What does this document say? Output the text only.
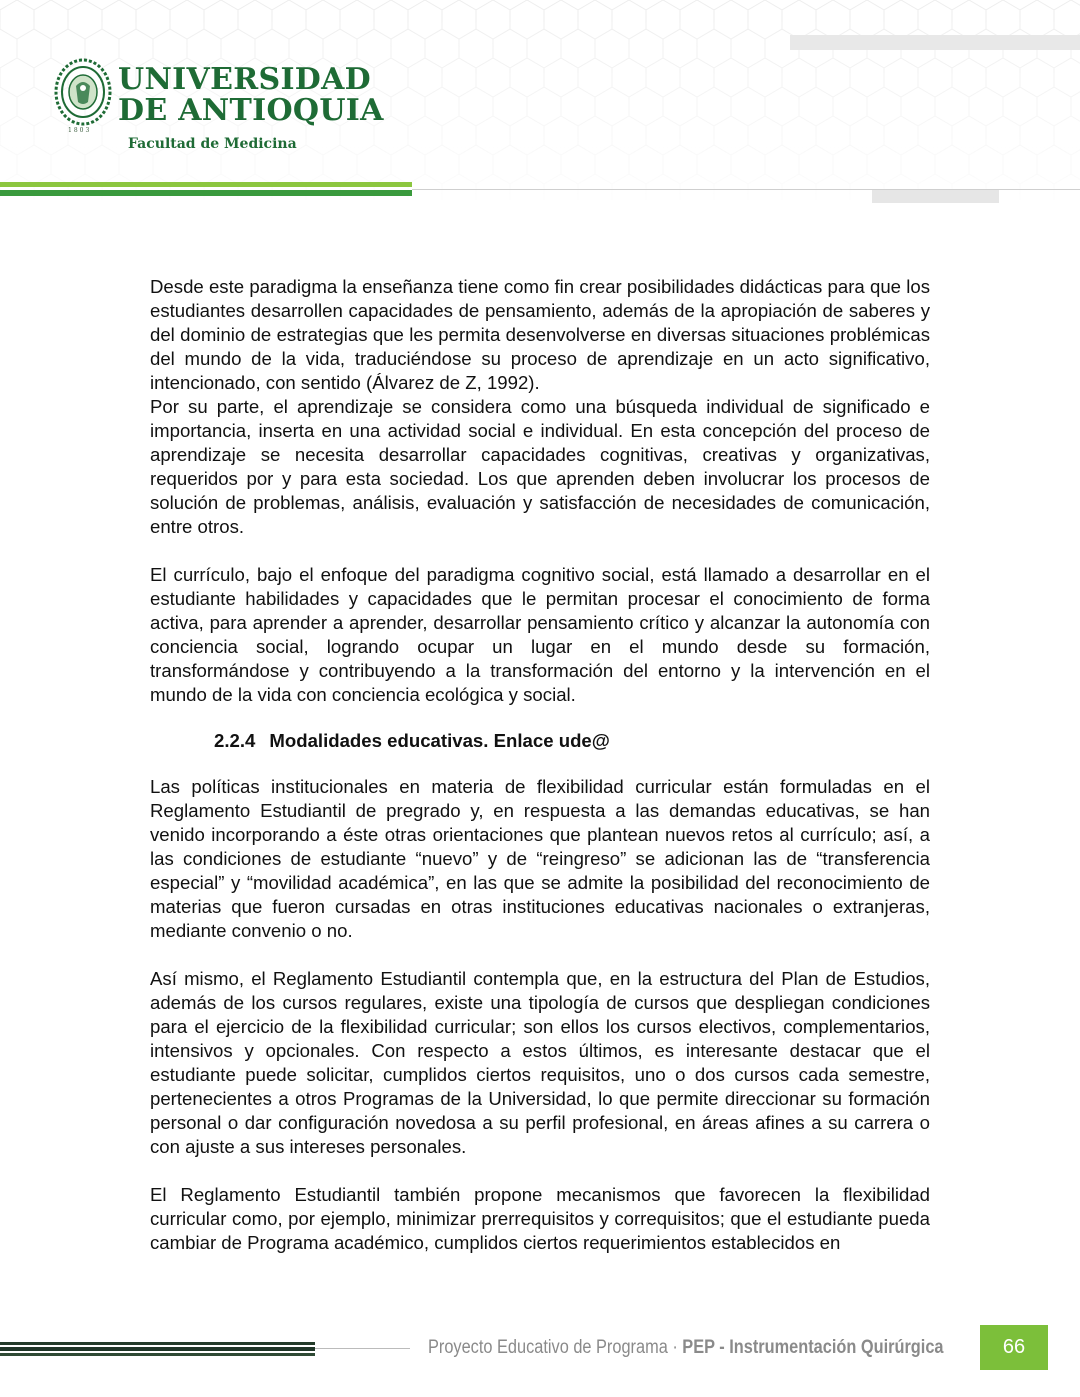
1803
UNIVERSIDAD
DE ANTIOQUIA
Facultad de Medicina

Desde este paradigma la enseñanza tiene como fin crear posibilidades didácticas para que los estudiantes desarrollen capacidades de pensamiento, además de la apropiación de saberes y del dominio de estrategias que les permita desenvolverse en diversas situaciones problémicas del mundo de la vida, traduciéndose su proceso de aprendizaje en un acto significativo, intencionado, con sentido (Álvarez de Z, 1992).

Por su parte, el aprendizaje se considera como una búsqueda individual de significado e importancia, inserta en una actividad social e individual. En esta concepción del proceso de aprendizaje se necesita desarrollar capacidades cognitivas, creativas y organizativas, requeridos por y para esta sociedad. Los que aprenden deben involucrar los procesos de solución de problemas, análisis, evaluación y satisfacción de necesidades de comunicación, entre otros.

El currículo, bajo el enfoque del paradigma cognitivo social, está llamado a desarrollar en el estudiante habilidades y capacidades que le permitan procesar el conocimiento de forma activa, para aprender a aprender, desarrollar pensamiento crítico y alcanzar la autonomía con conciencia social, logrando ocupar un lugar en el mundo desde su formación, transformándose y contribuyendo a la transformación del entorno y la intervención en el mundo de la vida con conciencia ecológica y social.

2.2.4 Modalidades educativas. Enlace ude@

Las políticas institucionales en materia de flexibilidad curricular están formuladas en el Reglamento Estudiantil de pregrado y, en respuesta a las demandas educativas, se han venido incorporando a éste otras orientaciones que plantean nuevos retos al currículo; así, a las condiciones de estudiante “nuevo” y de “reingreso” se adicionan las de “transferencia especial” y “movilidad académica”, en las que se admite la posibilidad del reconocimiento de materias que fueron cursadas en otras instituciones educativas nacionales o extranjeras, mediante convenio o no.

Así mismo, el Reglamento Estudiantil contempla que, en la estructura del Plan de Estudios, además de los cursos regulares, existe una tipología de cursos que despliegan condiciones para el ejercicio de la flexibilidad curricular; son ellos los cursos electivos, complementarios, intensivos y opcionales. Con respecto a estos últimos, es interesante destacar que el estudiante puede solicitar, cumplidos ciertos requisitos, uno o dos cursos cada semestre, pertenecientes a otros Programas de la Universidad, lo que permite direccionar su formación personal o dar configuración novedosa a su perfil profesional, en áreas afines a su carrera o con ajuste a sus intereses personales.

El Reglamento Estudiantil también propone mecanismos que favorecen la flexibilidad curricular como, por ejemplo, minimizar prerrequisitos y correquisitos; que el estudiante pueda cambiar de Programa académico, cumplidos ciertos requerimientos establecidos en

Proyecto Educativo de Programa · PEP - Instrumentación Quirúrgica	66
